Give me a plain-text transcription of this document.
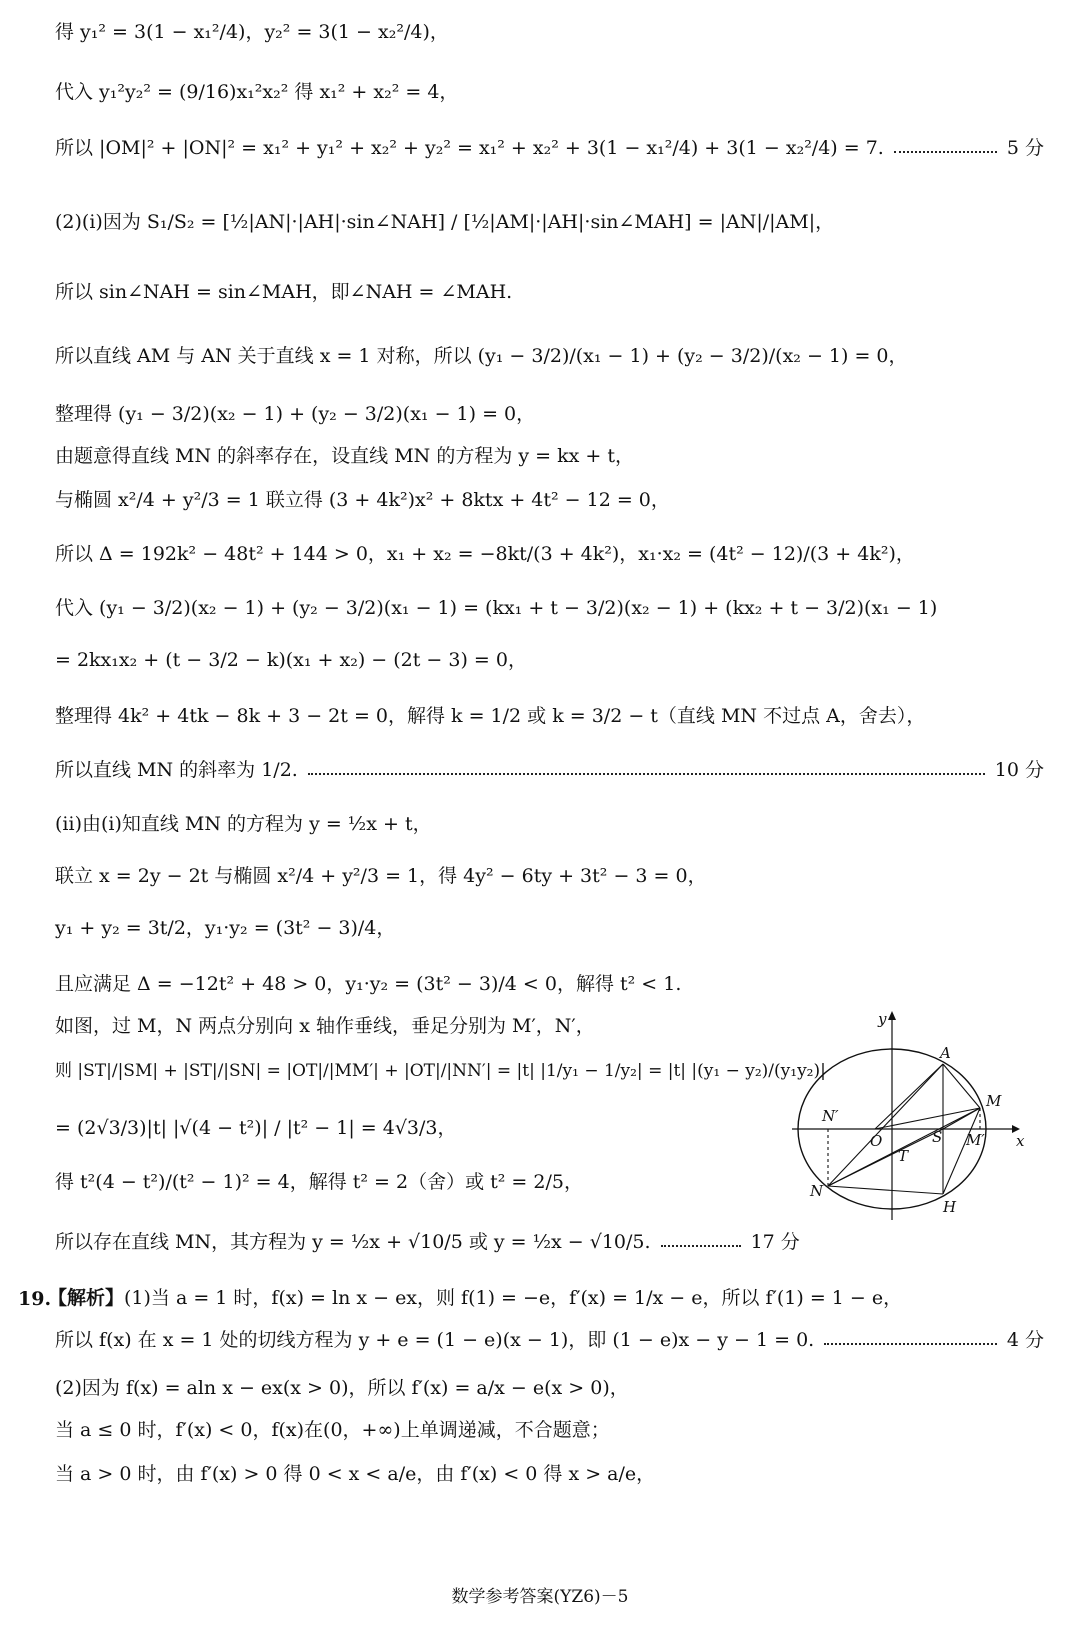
得 y₁² = 3(1 − x₁²/4)，y₂² = 3(1 − x₂²/4)，
代入 y₁²y₂² = (9/16)x₁²x₂² 得 x₁² + x₂² = 4，
所以 |OM|² + |ON|² = x₁² + y₁² + x₂² + y₂² = x₁² + x₂² + 3(1 − x₁²/4) + 3(1 − x₂²/4) = 7.	5 分
(2)(ⅰ)因为 S₁/S₂ = [½|AN|·|AH|·sin∠NAH] / [½|AM|·|AH|·sin∠MAH] = |AN|/|AM|，
所以 sin∠NAH = sin∠MAH，即∠NAH = ∠MAH.
所以直线 AM 与 AN 关于直线 x = 1 对称，所以 (y₁ − 3/2)/(x₁ − 1) + (y₂ − 3/2)/(x₂ − 1) = 0，
整理得 (y₁ − 3/2)(x₂ − 1) + (y₂ − 3/2)(x₁ − 1) = 0，
由题意得直线 MN 的斜率存在，设直线 MN 的方程为 y = kx + t，
与椭圆 x²/4 + y²/3 = 1 联立得 (3 + 4k²)x² + 8ktx + 4t² − 12 = 0，
所以 Δ = 192k² − 48t² + 144 > 0，x₁ + x₂ = −8kt/(3 + 4k²)，x₁·x₂ = (4t² − 12)/(3 + 4k²)，
代入 (y₁ − 3/2)(x₂ − 1) + (y₂ − 3/2)(x₁ − 1) = (kx₁ + t − 3/2)(x₂ − 1) + (kx₂ + t − 3/2)(x₁ − 1)
= 2kx₁x₂ + (t − 3/2 − k)(x₁ + x₂) − (2t − 3) = 0，
整理得 4k² + 4tk − 8k + 3 − 2t = 0，解得 k = 1/2 或 k = 3/2 − t（直线 MN 不过点 A，舍去），
所以直线 MN 的斜率为 1/2.	10 分
(ⅱ)由(ⅰ)知直线 MN 的方程为 y = ½x + t，
联立 x = 2y − 2t 与椭圆 x²/4 + y²/3 = 1，得 4y² − 6ty + 3t² − 3 = 0，
y₁ + y₂ = 3t/2，y₁·y₂ = (3t² − 3)/4，
且应满足 Δ = −12t² + 48 > 0，y₁·y₂ = (3t² − 3)/4 < 0，解得 t² < 1.
如图，过 M，N 两点分别向 x 轴作垂线，垂足分别为 M′，N′，
则 |ST|/|SM| + |ST|/|SN| = |OT|/|MM′| + |OT|/|NN′| = |t| |1/y₁ − 1/y₂| = |t| |(y₁ − y₂)/(y₁y₂)|
= (2√3/3)|t| |√(4 − t²)| / |t² − 1| = 4√3/3，
得 t²(4 − t²)/(t² − 1)² = 4，解得 t² = 2（舍）或 t² = 2/5，
所以存在直线 MN，其方程为 y = ½x + √10/5 或 y = ½x − √10/5.	17 分
19.
【解析】 (1)当 a = 1 时，f(x) = ln x − ex，则 f(1) = −e，f′(x) = 1/x − e，所以 f′(1) = 1 − e，
所以 f(x) 在 x = 1 处的切线方程为 y + e = (1 − e)(x − 1)，即 (1 − e)x − y − 1 = 0.	4 分
(2)因为 f(x) = aln x − ex(x > 0)，所以 f′(x) = a/x − e(x > 0)，
当 a ≤ 0 时，f′(x) < 0，f(x)在(0，+∞)上单调递减，不合题意；
当 a > 0 时，由 f′(x) > 0 得 0 < x < a/e，由 f′(x) < 0 得 x > a/e，
y
x
A
M
N′
O	S M′
T
N
H
数学参考答案(YZ6)－5
